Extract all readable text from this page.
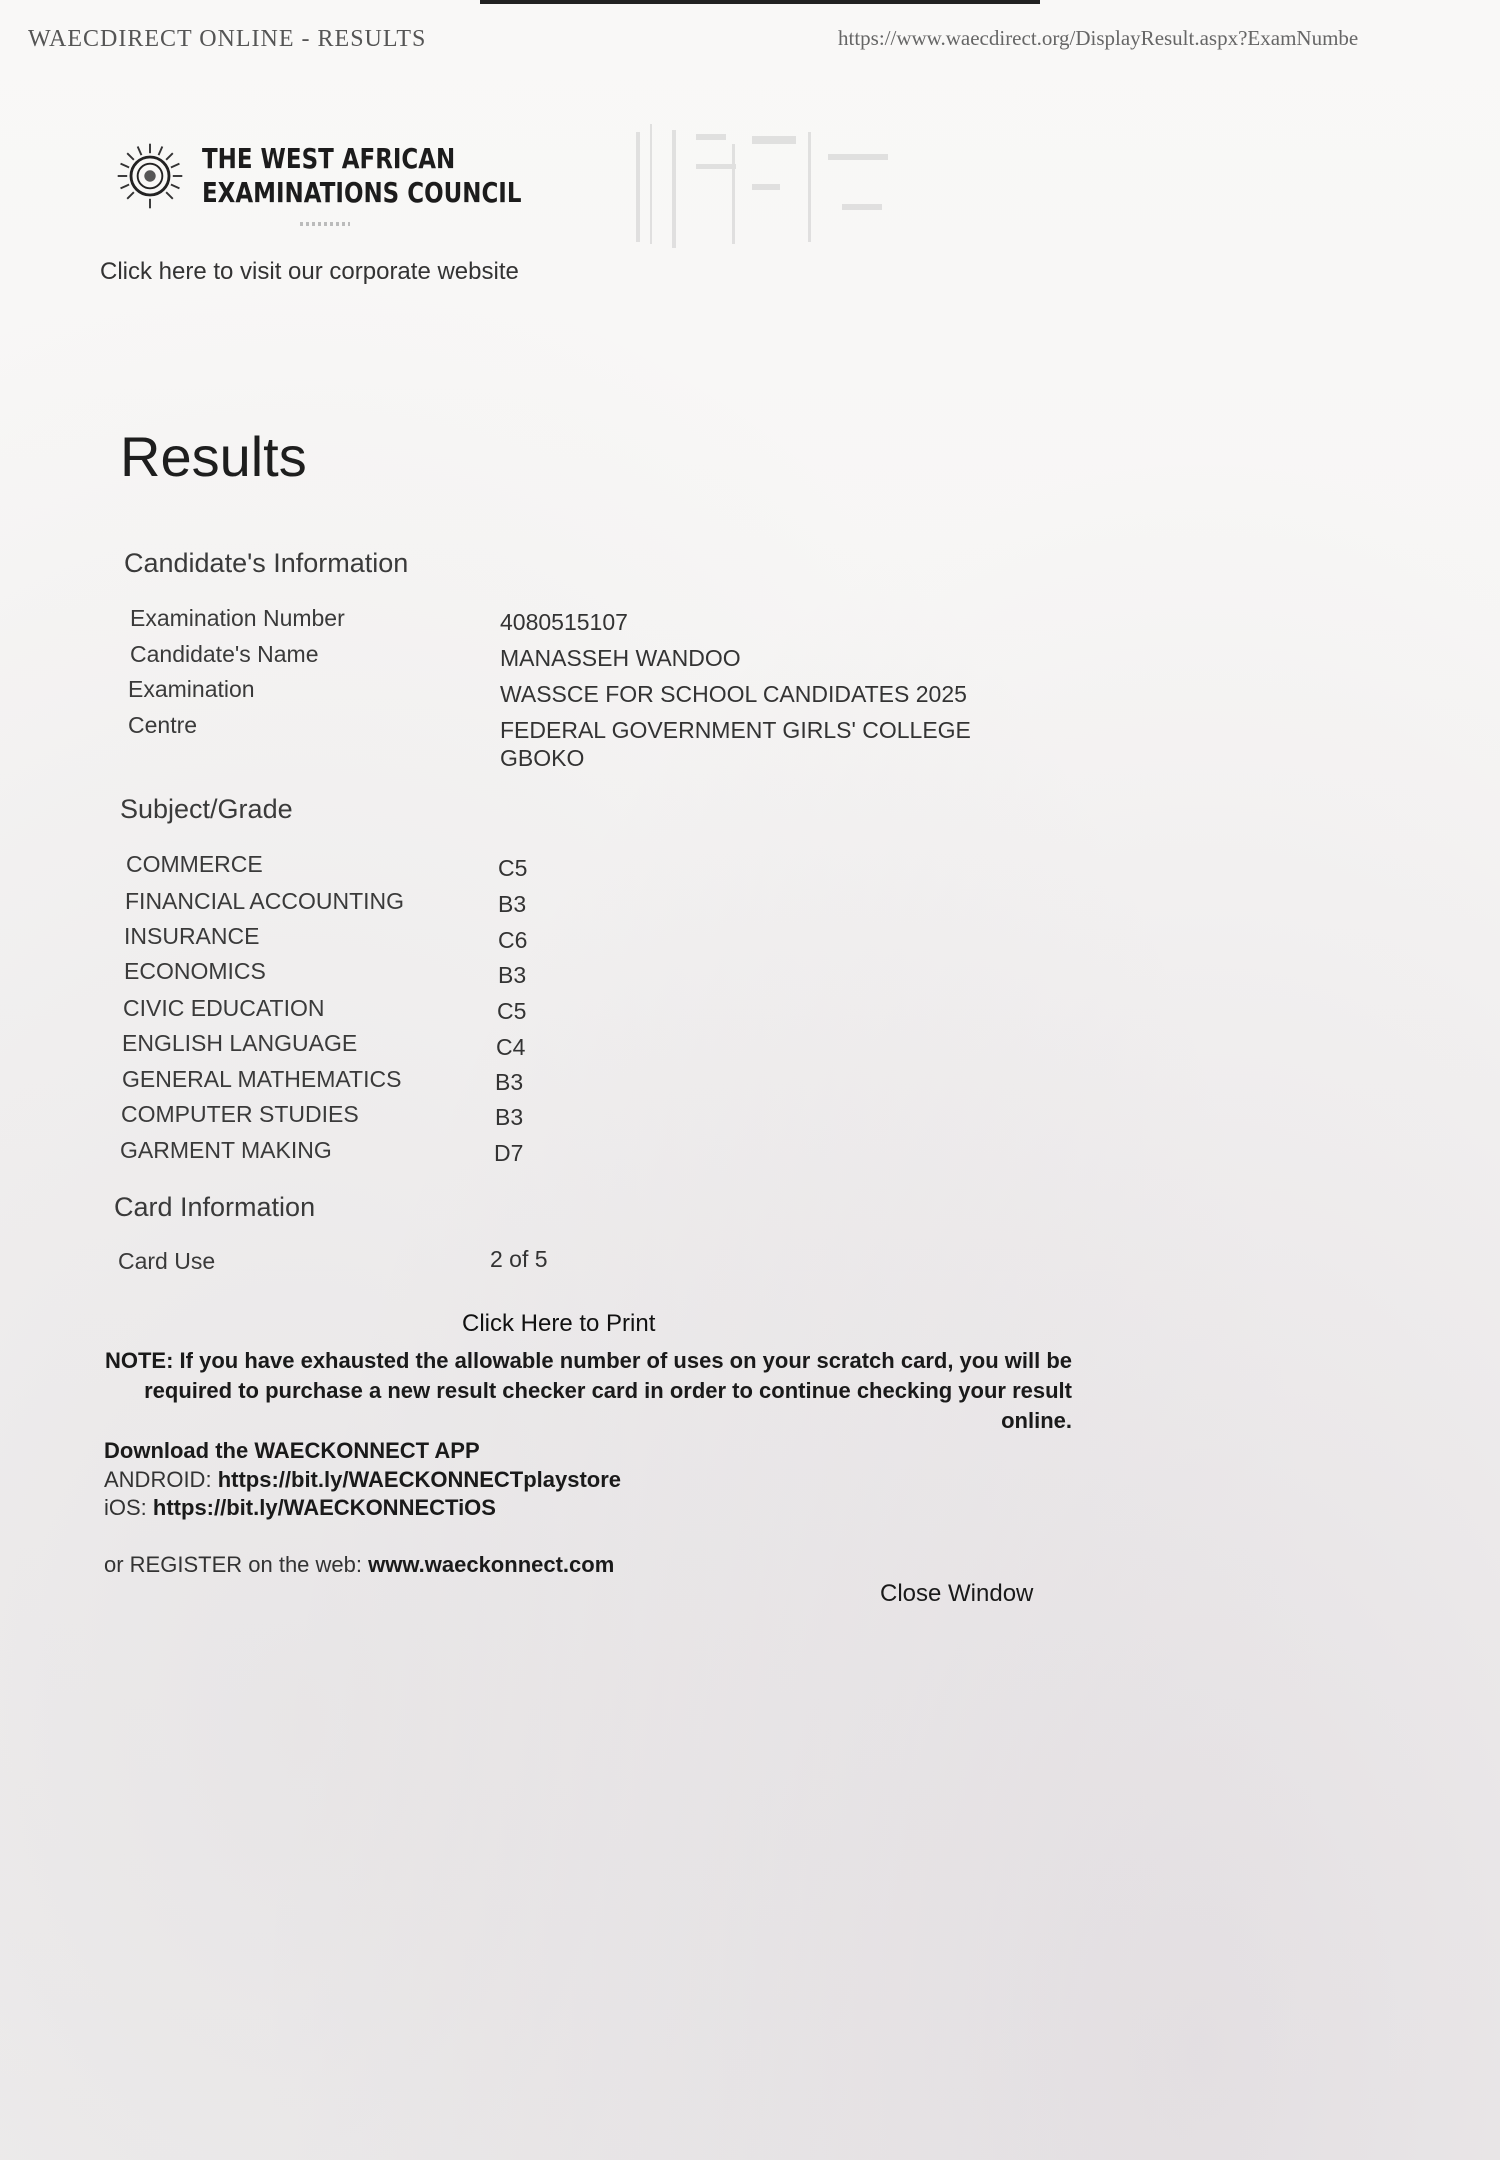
WAECDIRECT ONLINE - RESULTS	https://www.waecdirect.org/DisplayResult.aspx?ExamNumbe
THE WEST AFRICAN
EXAMINATIONS COUNCIL
Click here to visit our corporate website
Results
Candidate's Information
Examination Number	4080515107
Candidate's Name	MANASSEH WANDOO
Examination	WASSCE FOR SCHOOL CANDIDATES 2025
Centre	FEDERAL GOVERNMENT GIRLS' COLLEGE GBOKO
Subject/Grade
COMMERCE	C5
FINANCIAL ACCOUNTING	B3
INSURANCE	C6
ECONOMICS	B3
CIVIC EDUCATION	C5
ENGLISH LANGUAGE	C4
GENERAL MATHEMATICS	B3
COMPUTER STUDIES	B3
GARMENT MAKING	D7
Card Information
Card Use	2 of 5
Click Here to Print
NOTE: If you have exhausted the allowable number of uses on your scratch card, you will be required to purchase a new result checker card in order to continue checking your result online.
Download the WAECKONNECT APP
ANDROID: https://bit.ly/WAECKONNECTplaystore
iOS: https://bit.ly/WAECKONNECTiOS
or REGISTER on the web: www.waeckonnect.com
Close Window
